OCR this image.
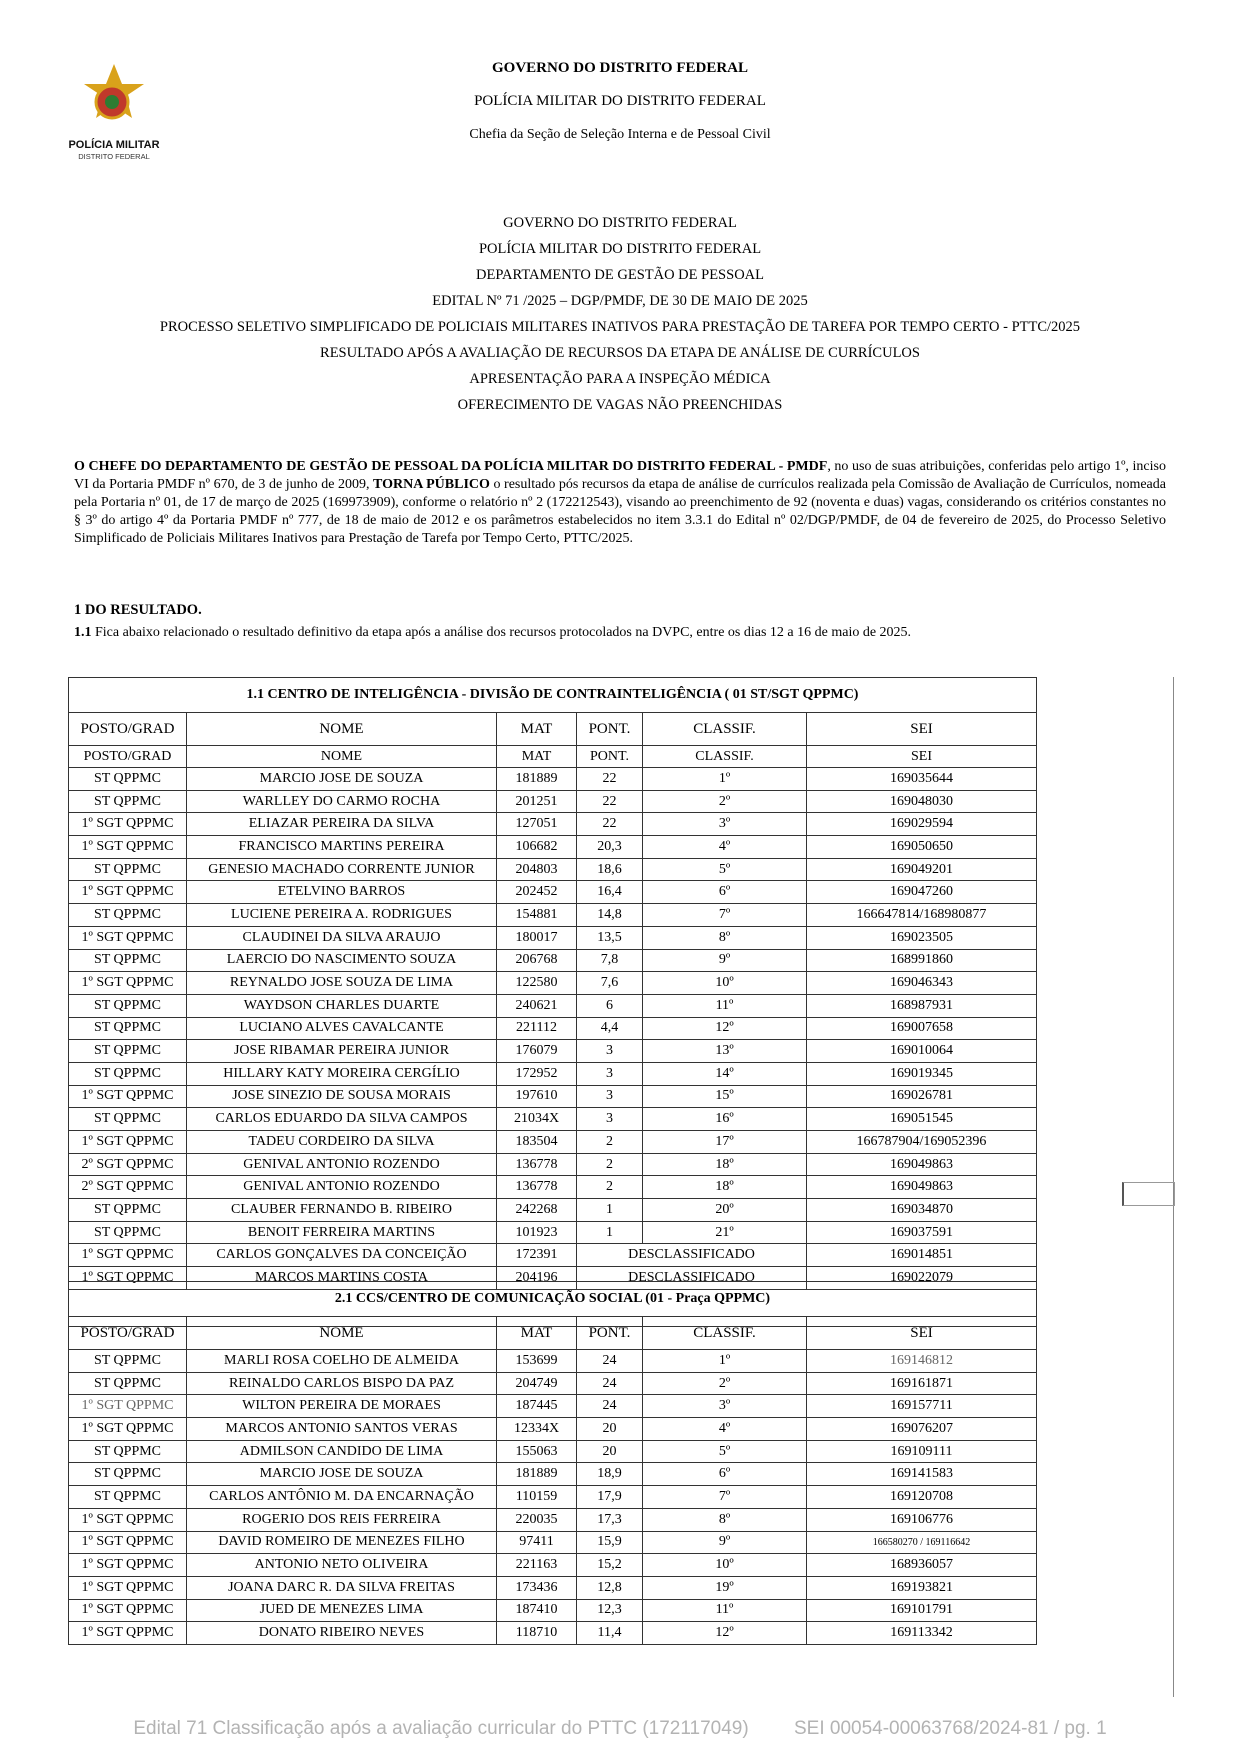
POLÍCIA MILITAR
DISTRITO FEDERAL
GOVERNO DO DISTRITO FEDERAL
POLÍCIA MILITAR DO DISTRITO FEDERAL
Chefia da Seção de Seleção Interna e de Pessoal Civil
GOVERNO DO DISTRITO FEDERAL
POLÍCIA MILITAR DO DISTRITO FEDERAL
DEPARTAMENTO DE GESTÃO DE PESSOAL
EDITAL Nº 71 /2025 – DGP/PMDF, DE 30 DE MAIO DE 2025
PROCESSO SELETIVO SIMPLIFICADO DE POLICIAIS MILITARES INATIVOS PARA PRESTAÇÃO DE TAREFA POR TEMPO CERTO - PTTC/2025
RESULTADO APÓS A AVALIAÇÃO DE RECURSOS DA ETAPA DE ANÁLISE DE CURRÍCULOS
APRESENTAÇÃO PARA A INSPEÇÃO MÉDICA
OFERECIMENTO DE VAGAS NÃO PREENCHIDAS
O CHEFE DO DEPARTAMENTO DE GESTÃO DE PESSOAL DA POLÍCIA MILITAR DO DISTRITO FEDERAL - PMDF, no uso de suas atribuições, conferidas pelo artigo 1º, inciso VI da Portaria PMDF nº 670, de 3 de junho de 2009, TORNA PÚBLICO o resultado pós recursos da etapa de análise de currículos realizada pela Comissão de Avaliação de Currículos, nomeada pela Portaria nº 01, de 17 de março de 2025 (169973909), conforme o relatório nº 2 (172212543), visando ao preenchimento de 92 (noventa e duas) vagas, considerando os critérios constantes no § 3º do artigo 4º da Portaria PMDF nº 777, de 18 de maio de 2012 e os parâmetros estabelecidos no item 3.3.1 do Edital nº 02/DGP/PMDF, de 04 de fevereiro de 2025, do Processo Seletivo Simplificado de Policiais Militares Inativos para Prestação de Tarefa por Tempo Certo, PTTC/2025.
1 DO RESULTADO.
1.1 Fica abaixo relacionado o resultado definitivo da etapa após a análise dos recursos protocolados na DVPC, entre os dias 12 a 16 de maio de 2025.
1.1 CENTRO DE INTELIGÊNCIA - DIVISÃO DE CONTRAINTELIGÊNCIA ( 01 ST/SGT QPPMC)					
POSTO/GRAD	NOME	MAT	PONT.	CLASSIF.	SEI
POSTO/GRAD	NOME	MAT	PONT.	CLASSIF.	SEI
ST QPPMC	MARCIO JOSE DE SOUZA	181889	22	1º	169035644
ST QPPMC	WARLLEY DO CARMO ROCHA	201251	22	2º	169048030
1º SGT QPPMC	ELIAZAR PEREIRA DA SILVA	127051	22	3º	169029594
1º SGT QPPMC	FRANCISCO MARTINS PEREIRA	106682	20,3	4º	169050650
ST QPPMC	GENESIO MACHADO CORRENTE JUNIOR	204803	18,6	5º	169049201
1º SGT QPPMC	ETELVINO BARROS	202452	16,4	6º	169047260
ST QPPMC	LUCIENE PEREIRA A. RODRIGUES	154881	14,8	7º	166647814/168980877
1º SGT QPPMC	CLAUDINEI DA SILVA ARAUJO	180017	13,5	8º	169023505
ST QPPMC	LAERCIO DO NASCIMENTO SOUZA	206768	7,8	9º	168991860
1º SGT QPPMC	REYNALDO JOSE SOUZA DE LIMA	122580	7,6	10º	169046343
ST QPPMC	WAYDSON CHARLES DUARTE	240621	6	11º	168987931
ST QPPMC	LUCIANO ALVES CAVALCANTE	221112	4,4	12º	169007658
ST QPPMC	JOSE RIBAMAR PEREIRA JUNIOR	176079	3	13º	169010064
ST QPPMC	HILLARY KATY MOREIRA CERGÍLIO	172952	3	14º	169019345
1º SGT QPPMC	JOSE SINEZIO DE SOUSA MORAIS	197610	3	15º	169026781
ST QPPMC	CARLOS EDUARDO DA SILVA CAMPOS	21034X	3	16º	169051545
1º SGT QPPMC	TADEU CORDEIRO DA SILVA	183504	2	17º	166787904/169052396
2º SGT QPPMC	GENIVAL ANTONIO ROZENDO	136778	2	18º	169049863
2º SGT QPPMC	GENIVAL ANTONIO ROZENDO	136778	2	18º	169049863
ST QPPMC	CLAUBER FERNANDO B. RIBEIRO	242268	1	20º	169034870
ST QPPMC	BENOIT FERREIRA MARTINS	101923	1	21º	169037591
1º SGT QPPMC	CARLOS GONÇALVES DA CONCEIÇÃO	172391	DESCLASSIFICADO		169014851
1º SGT QPPMC	MARCOS MARTINS COSTA	204196	DESCLASSIFICADO		169022079

2.1 CCS/CENTRO DE COMUNICAÇÃO SOCIAL (01 - Praça QPPMC)					
POSTO/GRAD	NOME	MAT	PONT.	CLASSIF.	SEI
ST QPPMC	MARLI ROSA COELHO DE ALMEIDA	153699	24	1º	169146812
ST QPPMC	REINALDO CARLOS BISPO DA PAZ	204749	24	2º	169161871
1º SGT QPPMC	WILTON PEREIRA DE MORAES	187445	24	3º	169157711
1º SGT QPPMC	MARCOS ANTONIO SANTOS VERAS	12334X	20	4º	169076207
ST QPPMC	ADMILSON CANDIDO DE LIMA	155063	20	5º	169109111
ST QPPMC	MARCIO JOSE DE SOUZA	181889	18,9	6º	169141583
ST QPPMC	CARLOS ANTÔNIO M. DA ENCARNAÇÃO	110159	17,9	7º	169120708
1º SGT QPPMC	ROGERIO DOS REIS FERREIRA	220035	17,3	8º	169106776
1º SGT QPPMC	DAVID ROMEIRO DE MENEZES FILHO	97411	15,9	9º	166580270 / 169116642
1º SGT QPPMC	ANTONIO NETO OLIVEIRA	221163	15,2	10º	168936057
1º SGT QPPMC	JOANA DARC R. DA SILVA FREITAS	173436	12,8	19º	169193821
1º SGT QPPMC	JUED DE MENEZES LIMA	187410	12,3	11º	169101791
1º SGT QPPMC	DONATO RIBEIRO NEVES	118710	11,4	12º	169113342
Edital 71 Classificação após a avaliação curricular do PTTC (172117049) SEI 00054-00063768/2024-81 / pg. 1
